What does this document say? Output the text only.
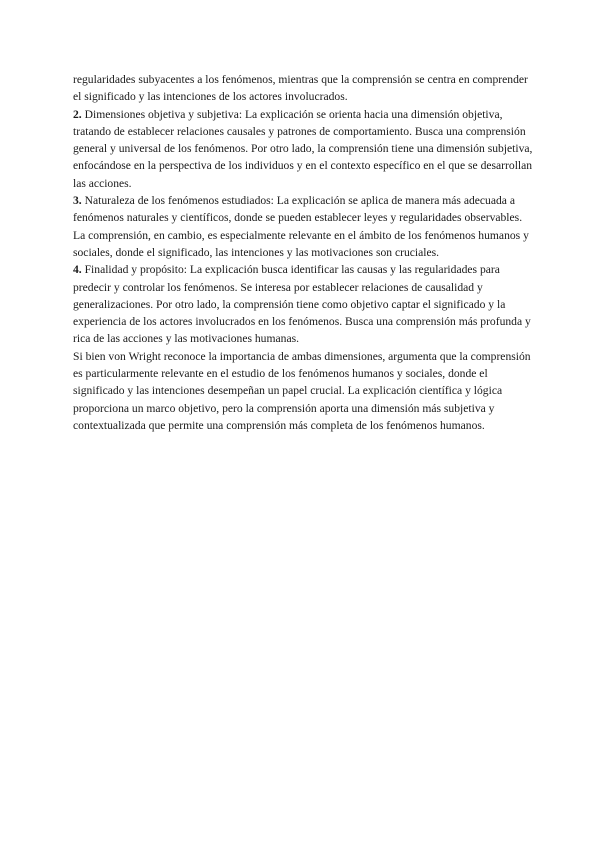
regularidades subyacentes a los fenómenos, mientras que la comprensión se centra en comprender el significado y las intenciones de los actores involucrados.

2. Dimensiones objetiva y subjetiva: La explicación se orienta hacia una dimensión objetiva, tratando de establecer relaciones causales y patrones de comportamiento. Busca una comprensión general y universal de los fenómenos. Por otro lado, la comprensión tiene una dimensión subjetiva, enfocándose en la perspectiva de los individuos y en el contexto específico en el que se desarrollan las acciones.

3. Naturaleza de los fenómenos estudiados: La explicación se aplica de manera más adecuada a fenómenos naturales y científicos, donde se pueden establecer leyes y regularidades observables. La comprensión, en cambio, es especialmente relevante en el ámbito de los fenómenos humanos y sociales, donde el significado, las intenciones y las motivaciones son cruciales.

4. Finalidad y propósito: La explicación busca identificar las causas y las regularidades para predecir y controlar los fenómenos. Se interesa por establecer relaciones de causalidad y generalizaciones. Por otro lado, la comprensión tiene como objetivo captar el significado y la experiencia de los actores involucrados en los fenómenos. Busca una comprensión más profunda y rica de las acciones y las motivaciones humanas.

Si bien von Wright reconoce la importancia de ambas dimensiones, argumenta que la comprensión es particularmente relevante en el estudio de los fenómenos humanos y sociales, donde el significado y las intenciones desempeñan un papel crucial. La explicación científica y lógica proporciona un marco objetivo, pero la comprensión aporta una dimensión más subjetiva y contextualizada que permite una comprensión más completa de los fenómenos humanos.
